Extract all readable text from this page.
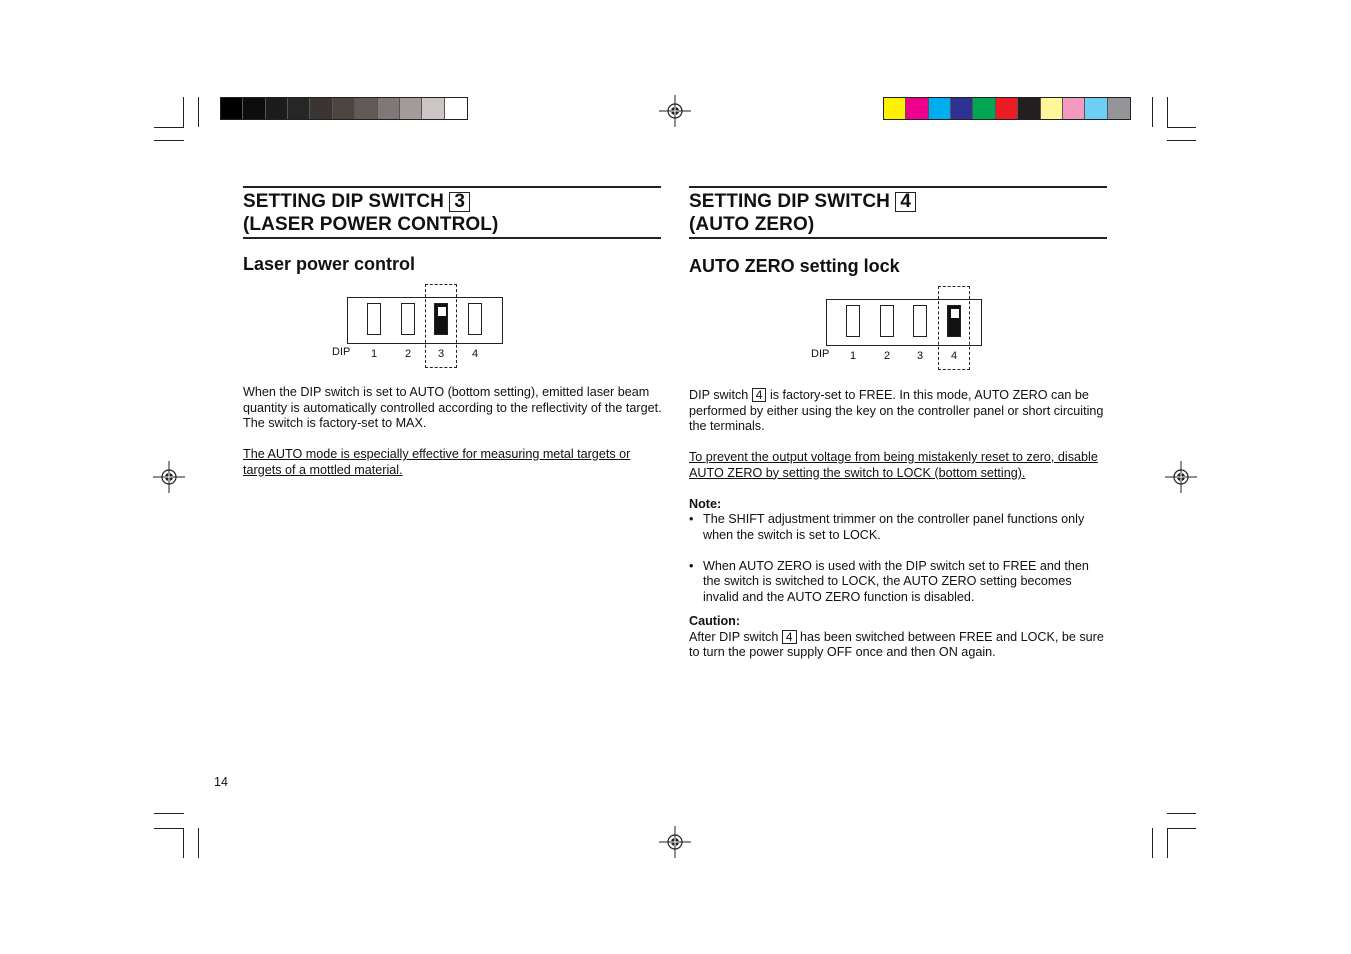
SETTING DIP SWITCH 3
(LASER POWER CONTROL)
Laser power control
DIP 1	2 3	4

When the DIP switch is set to AUTO (bottom setting), emitted laser beam quantity is automatically controlled according to the reflectivity of the target. The switch is factory-set to MAX.

The AUTO mode is especially effective for measuring metal targets or targets of a mottled material.

SETTING DIP SWITCH 4
(AUTO ZERO)
AUTO ZERO setting lock
DIP 1	2 3	4

DIP switch 4 is factory-set to FREE. In this mode, AUTO ZERO can be performed by either using the key on the controller panel or short circuiting the terminals.

To prevent the output voltage from being mistakenly reset to zero, disable AUTO ZERO by setting the switch to LOCK (bottom setting).

Note:

• The SHIFT adjustment trimmer on the controller panel functions only when the switch is set to LOCK.
• When AUTO ZERO is used with the DIP switch set to FREE and then the switch is switched to LOCK, the AUTO ZERO setting becomes invalid and the AUTO ZERO function is disabled.

Caution:

After DIP switch 4 has been switched between FREE and LOCK, be sure to turn the power supply OFF once and then ON again.

14
